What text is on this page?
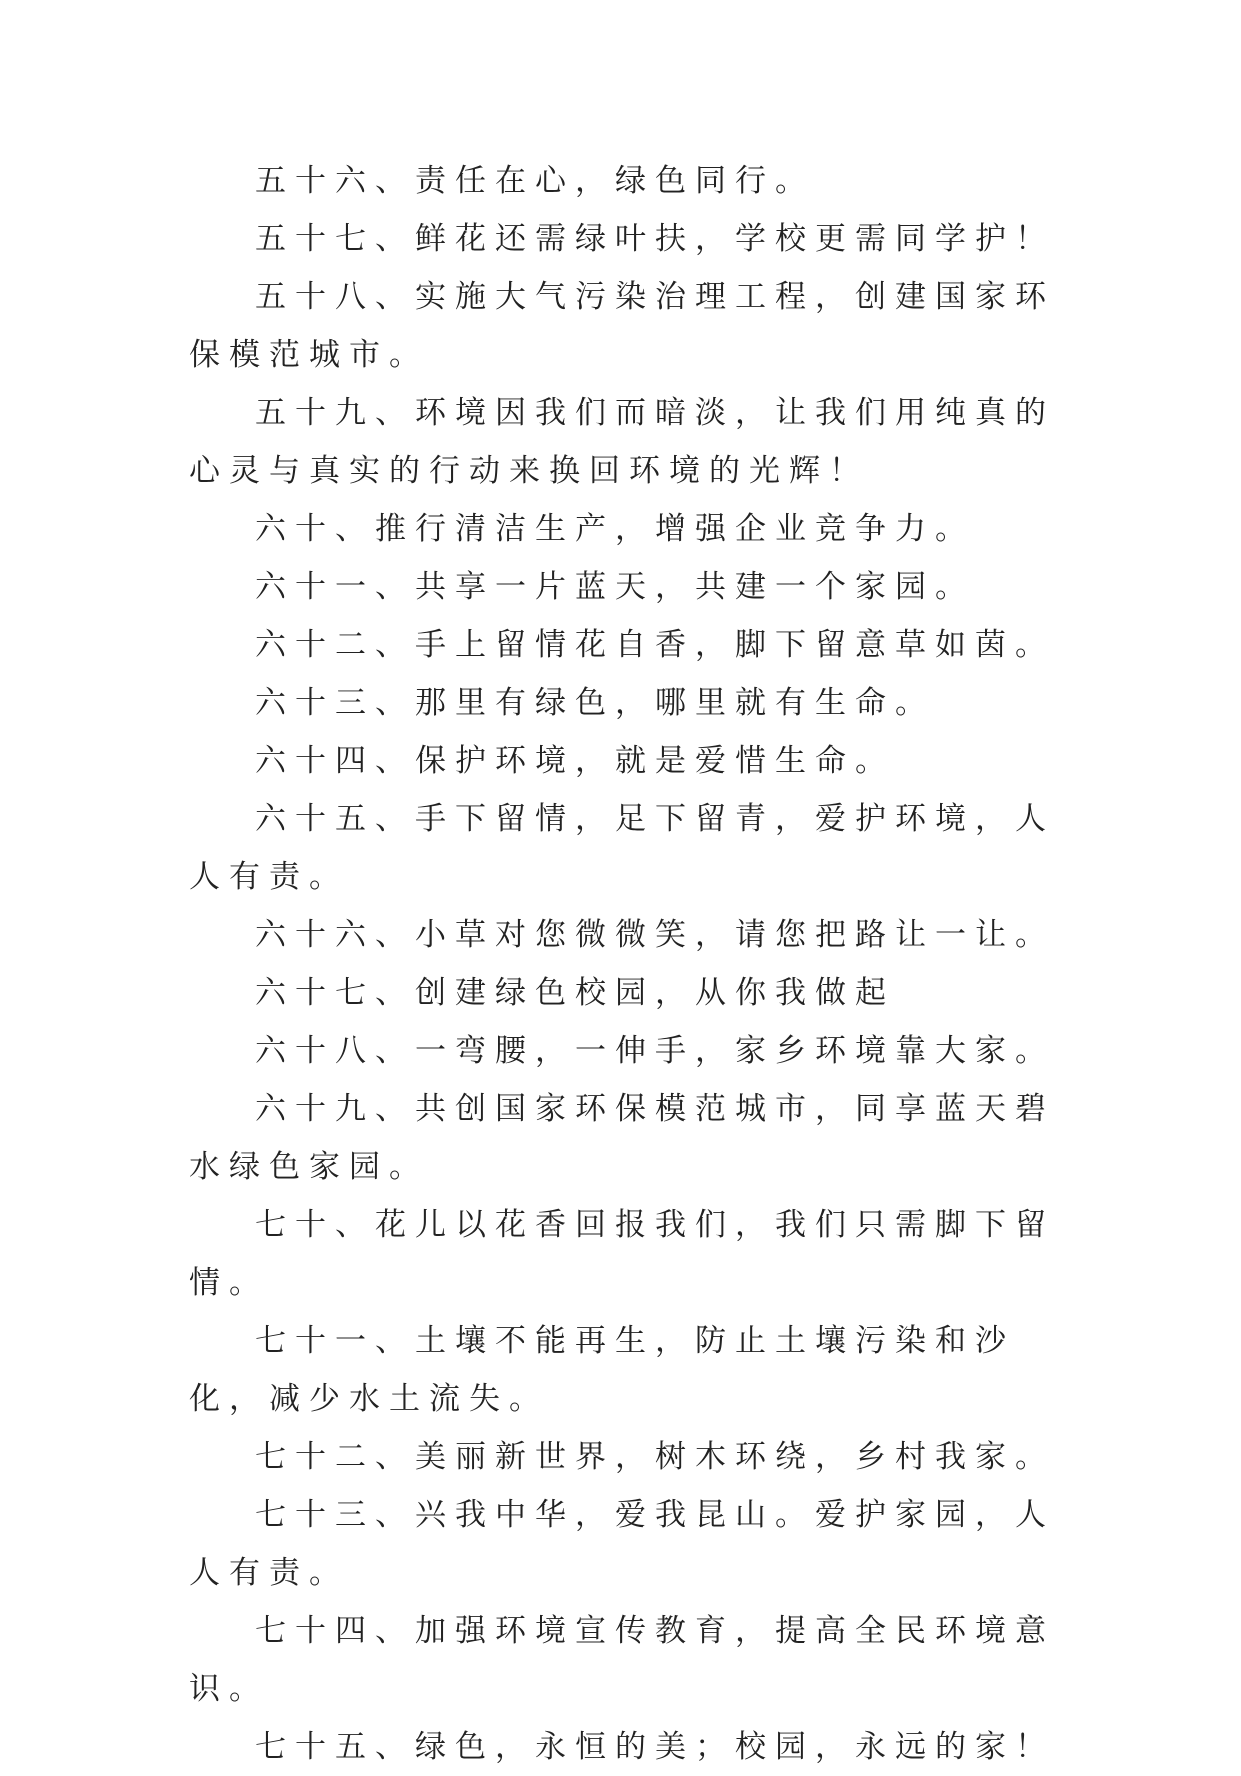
五十六、责任在心，绿色同行。

五十七、鲜花还需绿叶扶，学校更需同学护！

五十八、实施大气污染治理工程，创建国家环保模范城市。

五十九、环境因我们而暗淡，让我们用纯真的心灵与真实的行动来换回环境的光辉！

六十、推行清洁生产，增强企业竞争力。

六十一、共享一片蓝天，共建一个家园。

六十二、手上留情花自香，脚下留意草如茵。

六十三、那里有绿色，哪里就有生命。

六十四、保护环境，就是爱惜生命。

六十五、手下留情，足下留青，爱护环境，人人有责。

六十六、小草对您微微笑，请您把路让一让。

六十七、创建绿色校园，从你我做起

六十八、一弯腰，一伸手，家乡环境靠大家。

六十九、共创国家环保模范城市，同享蓝天碧水绿色家园。

七十、花儿以花香回报我们，我们只需脚下留情。

七十一、土壤不能再生，防止土壤污染和沙化，减少水土流失。

七十二、美丽新世界，树木环绕，乡村我家。

七十三、兴我中华，爱我昆山。爱护家园，人人有责。

七十四、加强环境宣传教育，提高全民环境意识。

七十五、绿色，永恒的美；校园，永远的家！
